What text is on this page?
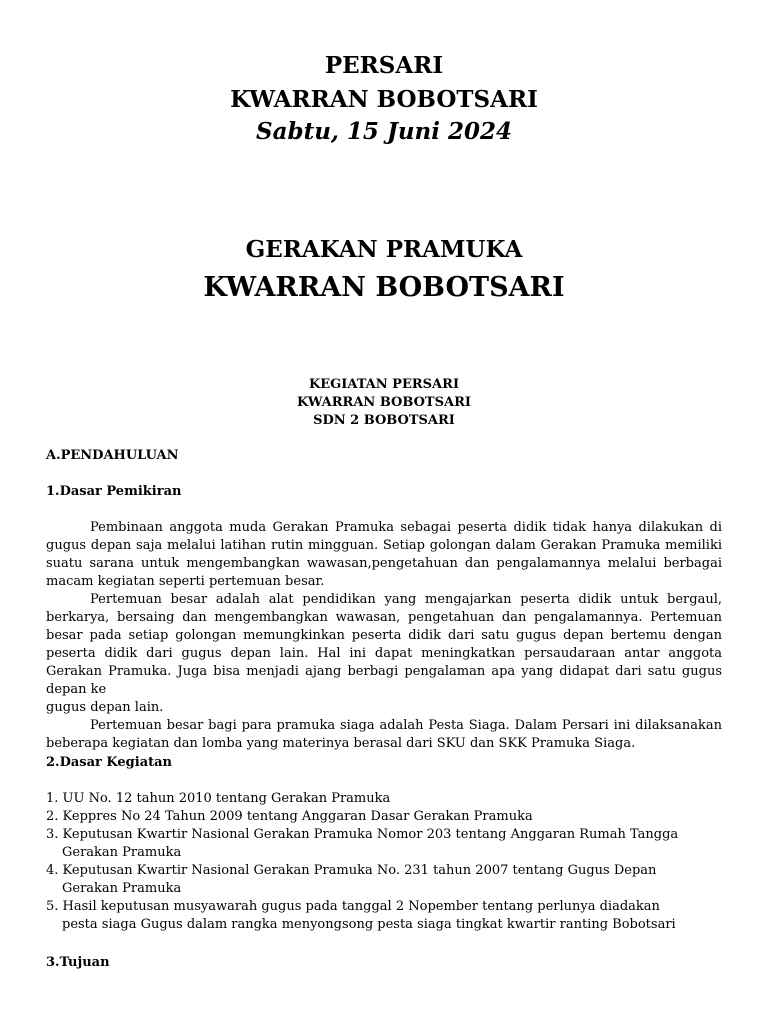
PERSARI
KWARRAN BOBOTSARI
Sabtu, 15 Juni 2024
GERAKAN PRAMUKA
KWARRAN BOBOTSARI
KEGIATAN PERSARI
KWARRAN BOBOTSARI
SDN 2 BOBOTSARI
A.PENDAHULUAN
1.Dasar Pemikiran

Pembinaan anggota muda Gerakan Pramuka sebagai peserta didik tidak hanya dilakukan di gugus depan saja melalui latihan rutin mingguan. Setiap golongan dalam Gerakan Pramuka memiliki suatu sarana untuk mengembangkan wawasan,pengetahuan dan pengalamannya melalui berbagai macam kegiatan seperti pertemuan besar.

Pertemuan besar adalah alat pendidikan yang mengajarkan peserta didik untuk bergaul, berkarya, bersaing dan mengembangkan wawasan, pengetahuan dan pengalamannya. Pertemuan besar pada setiap golongan memungkinkan peserta didik dari satu gugus depan bertemu dengan peserta didik dari gugus depan lain. Hal ini dapat meningkatkan persaudaraan antar anggota Gerakan Pramuka. Juga bisa menjadi ajang berbagi pengalaman apa yang didapat dari satu gugus depan ke

gugus depan lain.

Pertemuan besar bagi para pramuka siaga adalah Pesta Siaga. Dalam Persari ini dilaksanakan beberapa kegiatan dan lomba yang materinya berasal dari SKU dan SKK Pramuka Siaga.

2.Dasar Kegiatan

1. UU No. 12 tahun 2010 tentang Gerakan Pramuka

2. Keppres No 24 Tahun 2009 tentang Anggaran Dasar Gerakan Pramuka

3. Keputusan Kwartir Nasional Gerakan Pramuka Nomor 203 tentang Anggaran Rumah Tangga

Gerakan Pramuka

4. Keputusan Kwartir Nasional Gerakan Pramuka No. 231 tahun 2007 tentang Gugus Depan

Gerakan Pramuka

5. Hasil keputusan musyawarah gugus pada tanggal 2 Nopember tentang perlunya diadakan

pesta siaga Gugus dalam rangka menyongsong pesta siaga tingkat kwartir ranting Bobotsari

3.Tujuan
